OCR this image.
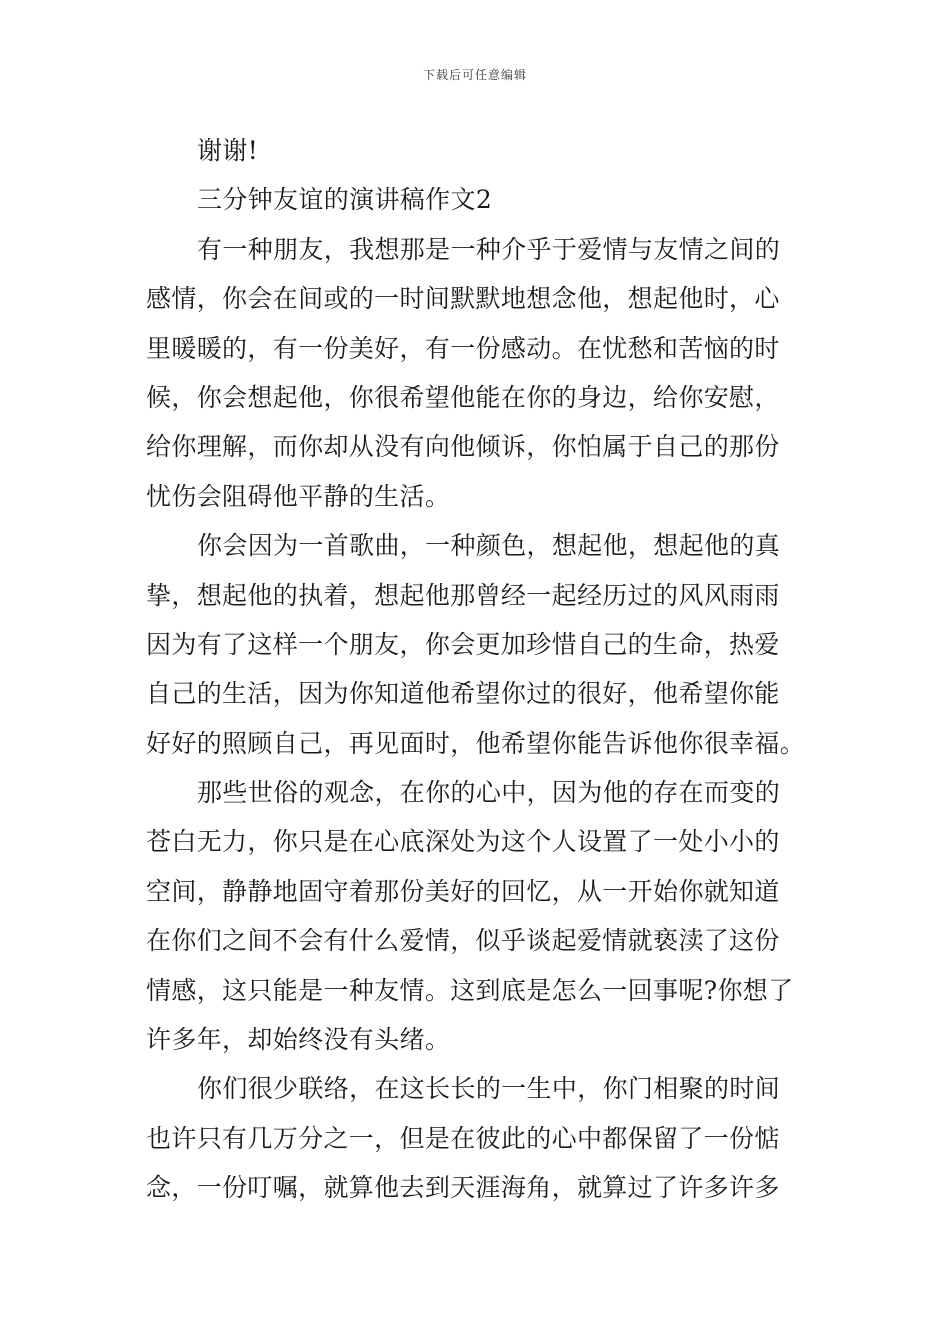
下载后可任意编辑
谢谢!
三分钟友谊的演讲稿作文2
有一种朋友，我想那是一种介乎于爱情与友情之间的
感情，你会在间或的一时间默默地想念他，想起他时，心
里暖暖的，有一份美好，有一份感动。在忧愁和苦恼的时
候，你会想起他，你很希望他能在你的身边，给你安慰，
给你理解，而你却从没有向他倾诉，你怕属于自己的那份
忧伤会阻碍他平静的生活。
你会因为一首歌曲，一种颜色，想起他，想起他的真
挚，想起他的执着，想起他那曾经一起经历过的风风雨雨
因为有了这样一个朋友，你会更加珍惜自己的生命，热爱
自己的生活，因为你知道他希望你过的很好，他希望你能
好好的照顾自己，再见面时，他希望你能告诉他你很幸福。
那些世俗的观念，在你的心中，因为他的存在而变的
苍白无力，你只是在心底深处为这个人设置了一处小小的
空间，静静地固守着那份美好的回忆，从一开始你就知道
在你们之间不会有什么爱情，似乎谈起爱情就亵渎了这份
情感，这只能是一种友情。这到底是怎么一回事呢?你想了
许多年，却始终没有头绪。
你们很少联络，在这长长的一生中，你门相聚的时间
也许只有几万分之一，但是在彼此的心中都保留了一份惦
念，一份叮嘱，就算他去到天涯海角，就算过了许多许多
